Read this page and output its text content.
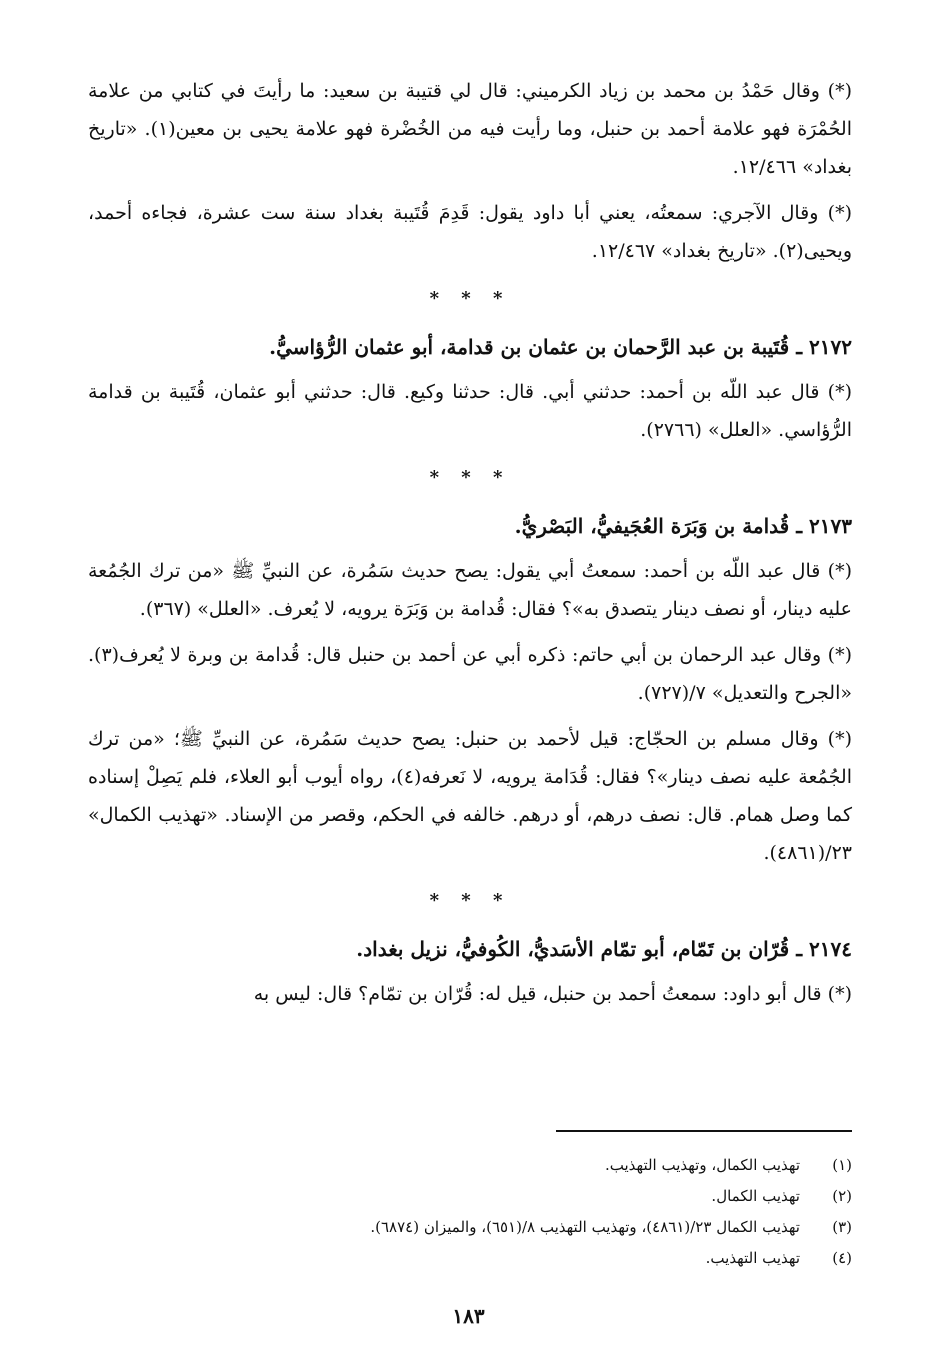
(*) وقال حَمْدُ بن محمد بن زياد الكرميني: قال لي قتيبة بن سعيد: ما رأيتَ في كتابي من علامة الحُمْرَة فهو علامة أحمد بن حنبل، وما رأيت فيه من الخُضْرة فهو علامة يحيى بن معين(١). «تاريخ بغداد» ١٢/٤٦٦.

(*) وقال الآجري: سمعتُه، يعني أبا داود يقول: قَدِمَ قُتَيبة بغداد سنة ست عشرة، فجاءه أحمد، ويحيى(٢). «تاريخ بغداد» ١٢/٤٦٧.

* * *
٢١٧٢ ـ قُتَيبة بن عبد الرَّحمان بن عثمان بن قدامة، أبو عثمان الرُّؤاسيُّ.

(*) قال عبد اللّه بن أحمد: حدثني أبي. قال: حدثنا وكيع. قال: حدثني أبو عثمان، قُتَيبة بن قدامة الرُّؤاسي. «العلل» (٢٧٦٦).

* * *
٢١٧٣ ـ قُدامة بن وَبَرَة العُجَيفيُّ، البَصْريُّ.

(*) قال عبد اللّه بن أحمد: سمعتُ أبي يقول: يصح حديث سَمُرة، عن النبيِّ ﷺ «من ترك الجُمُعة عليه دينار، أو نصف دينار يتصدق به»؟ فقال: قُدامة بن وَبَرَة يرويه، لا يُعرف. «العلل» (٣٦٧).

(*) وقال عبد الرحمان بن أبي حاتم: ذكره أبي عن أحمد بن حنبل قال: قُدامة بن وبرة لا يُعرف(٣). «الجرح والتعديل» ٧/(٧٢٧).

(*) وقال مسلم بن الحجّاج: قيل لأحمد بن حنبل: يصح حديث سَمُرة، عن النبيِّ ﷺ؛ «من ترك الجُمُعة عليه نصف دينار»؟ فقال: قُدَامة يرويه، لا نَعرفه(٤)، رواه أيوب أبو العلاء، فلم يَصِلْ إسناده كما وصل همام. قال: نصف درهم، أو درهم. خالفه في الحكم، وقصر من الإسناد. «تهذيب الكمال» ٢٣/(٤٨٦١).

* * *
٢١٧٤ ـ قُرّان بن تَمّام، أبو تمّام الأسَديُّ، الكُوفيُّ، نزيل بغداد.

(*) قال أبو داود: سمعتُ أحمد بن حنبل، قيل له: قُرّان بن تمّام؟ قال: ليس به

(١)
تهذيب الكمال، وتهذيب التهذيب.
(٢)
تهذيب الكمال.
(٣)
تهذيب الكمال ٢٣/(٤٨٦١)، وتهذيب التهذيب ٨/(٦٥١)، والميزان (٦٨٧٤).
(٤)
تهذيب التهذيب.
١٨٣
